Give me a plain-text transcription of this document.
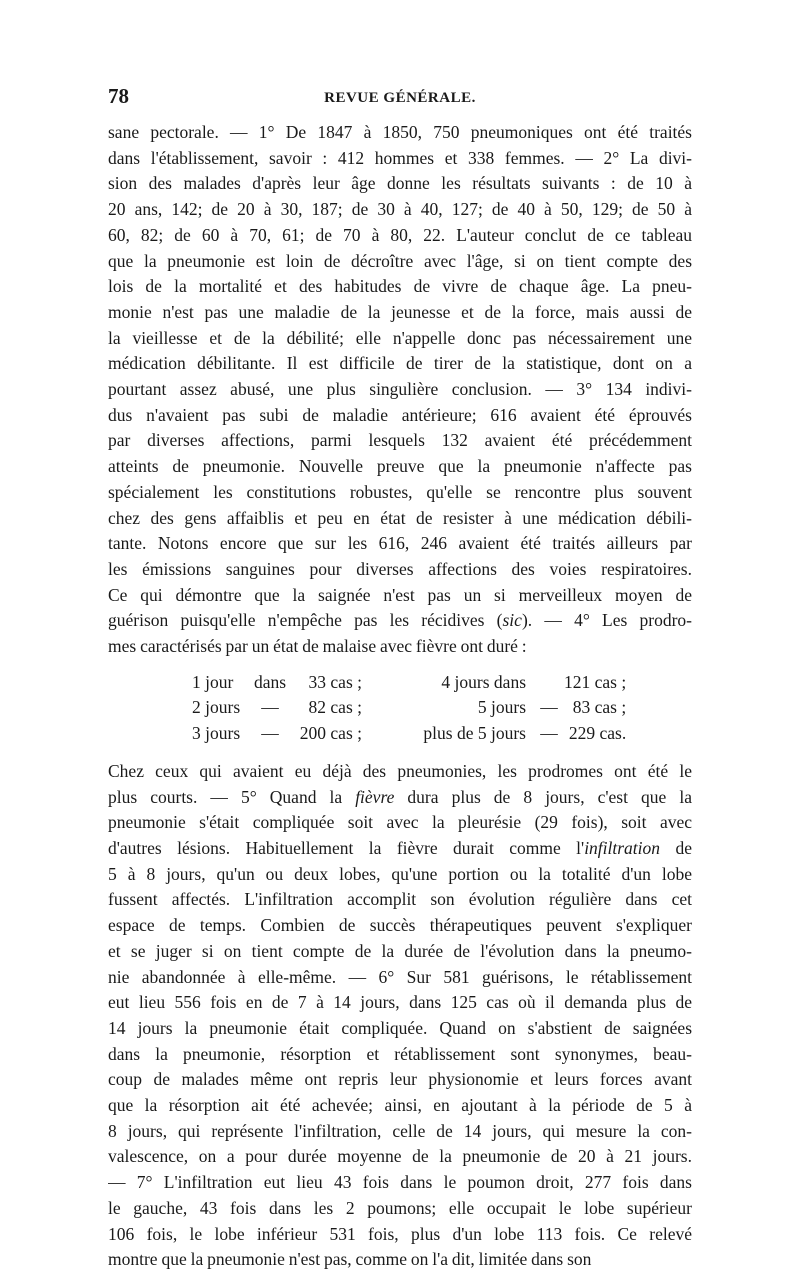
78	REVUE GÉNÉRALE.
sane pectorale. — 1° De 1847 à 1850, 750 pneumoniques ont été traités
dans l'établissement, savoir : 412 hommes et 338 femmes. — 2° La divi-
sion des malades d'après leur âge donne les résultats suivants : de 10 à
20 ans, 142; de 20 à 30, 187; de 30 à 40, 127; de 40 à 50, 129; de 50 à
60, 82; de 60 à 70, 61; de 70 à 80, 22. L'auteur conclut de ce tableau
que la pneumonie est loin de décroître avec l'âge, si on tient compte des
lois de la mortalité et des habitudes de vivre de chaque âge. La pneu-
monie n'est pas une maladie de la jeunesse et de la force, mais aussi de
la vieillesse et de la débilité; elle n'appelle donc pas nécessairement une
médication débilitante. Il est difficile de tirer de la statistique, dont on a
pourtant assez abusé, une plus singulière conclusion. — 3° 134 indivi-
dus n'avaient pas subi de maladie antérieure; 616 avaient été éprouvés
par diverses affections, parmi lesquels 132 avaient été précédemment
atteints de pneumonie. Nouvelle preuve que la pneumonie n'affecte pas
spécialement les constitutions robustes, qu'elle se rencontre plus souvent
chez des gens affaiblis et peu en état de resister à une médication débili-
tante. Notons encore que sur les 616, 246 avaient été traités ailleurs par
les émissions sanguines pour diverses affections des voies respiratoires.
Ce qui démontre que la saignée n'est pas un si merveilleux moyen de
guérison puisqu'elle n'empêche pas les récidives (sic). — 4° Les prodro-
mes caractérisés par un état de malaise avec fièvre ont duré :
1 jour	dans	33 cas ;	4 jours dans		121 cas ;
2 jours	—	82 cas ;	5 jours	—	83 cas ;
3 jours	—	200 cas ;	plus de 5 jours	—	229 cas.
Chez ceux qui avaient eu déjà des pneumonies, les prodromes ont été le
plus courts. — 5° Quand la fièvre dura plus de 8 jours, c'est que la
pneumonie s'était compliquée soit avec la pleurésie (29 fois), soit avec
d'autres lésions. Habituellement la fièvre durait comme l'infiltration de
5 à 8 jours, qu'un ou deux lobes, qu'une portion ou la totalité d'un lobe
fussent affectés. L'infiltration accomplit son évolution régulière dans cet
espace de temps. Combien de succès thérapeutiques peuvent s'expliquer
et se juger si on tient compte de la durée de l'évolution dans la pneumo-
nie abandonnée à elle-même. — 6° Sur 581 guérisons, le rétablissement
eut lieu 556 fois en de 7 à 14 jours, dans 125 cas où il demanda plus de
14 jours la pneumonie était compliquée. Quand on s'abstient de saignées
dans la pneumonie, résorption et rétablissement sont synonymes, beau-
coup de malades même ont repris leur physionomie et leurs forces avant
que la résorption ait été achevée; ainsi, en ajoutant à la période de 5 à
8 jours, qui représente l'infiltration, celle de 14 jours, qui mesure la con-
valescence, on a pour durée moyenne de la pneumonie de 20 à 21 jours.
— 7° L'infiltration eut lieu 43 fois dans le poumon droit, 277 fois dans
le gauche, 43 fois dans les 2 poumons; elle occupait le lobe supérieur
106 fois, le lobe inférieur 531 fois, plus d'un lobe 113 fois. Ce relevé
montre que la pneumonie n'est pas, comme on l'a dit, limitée dans son
